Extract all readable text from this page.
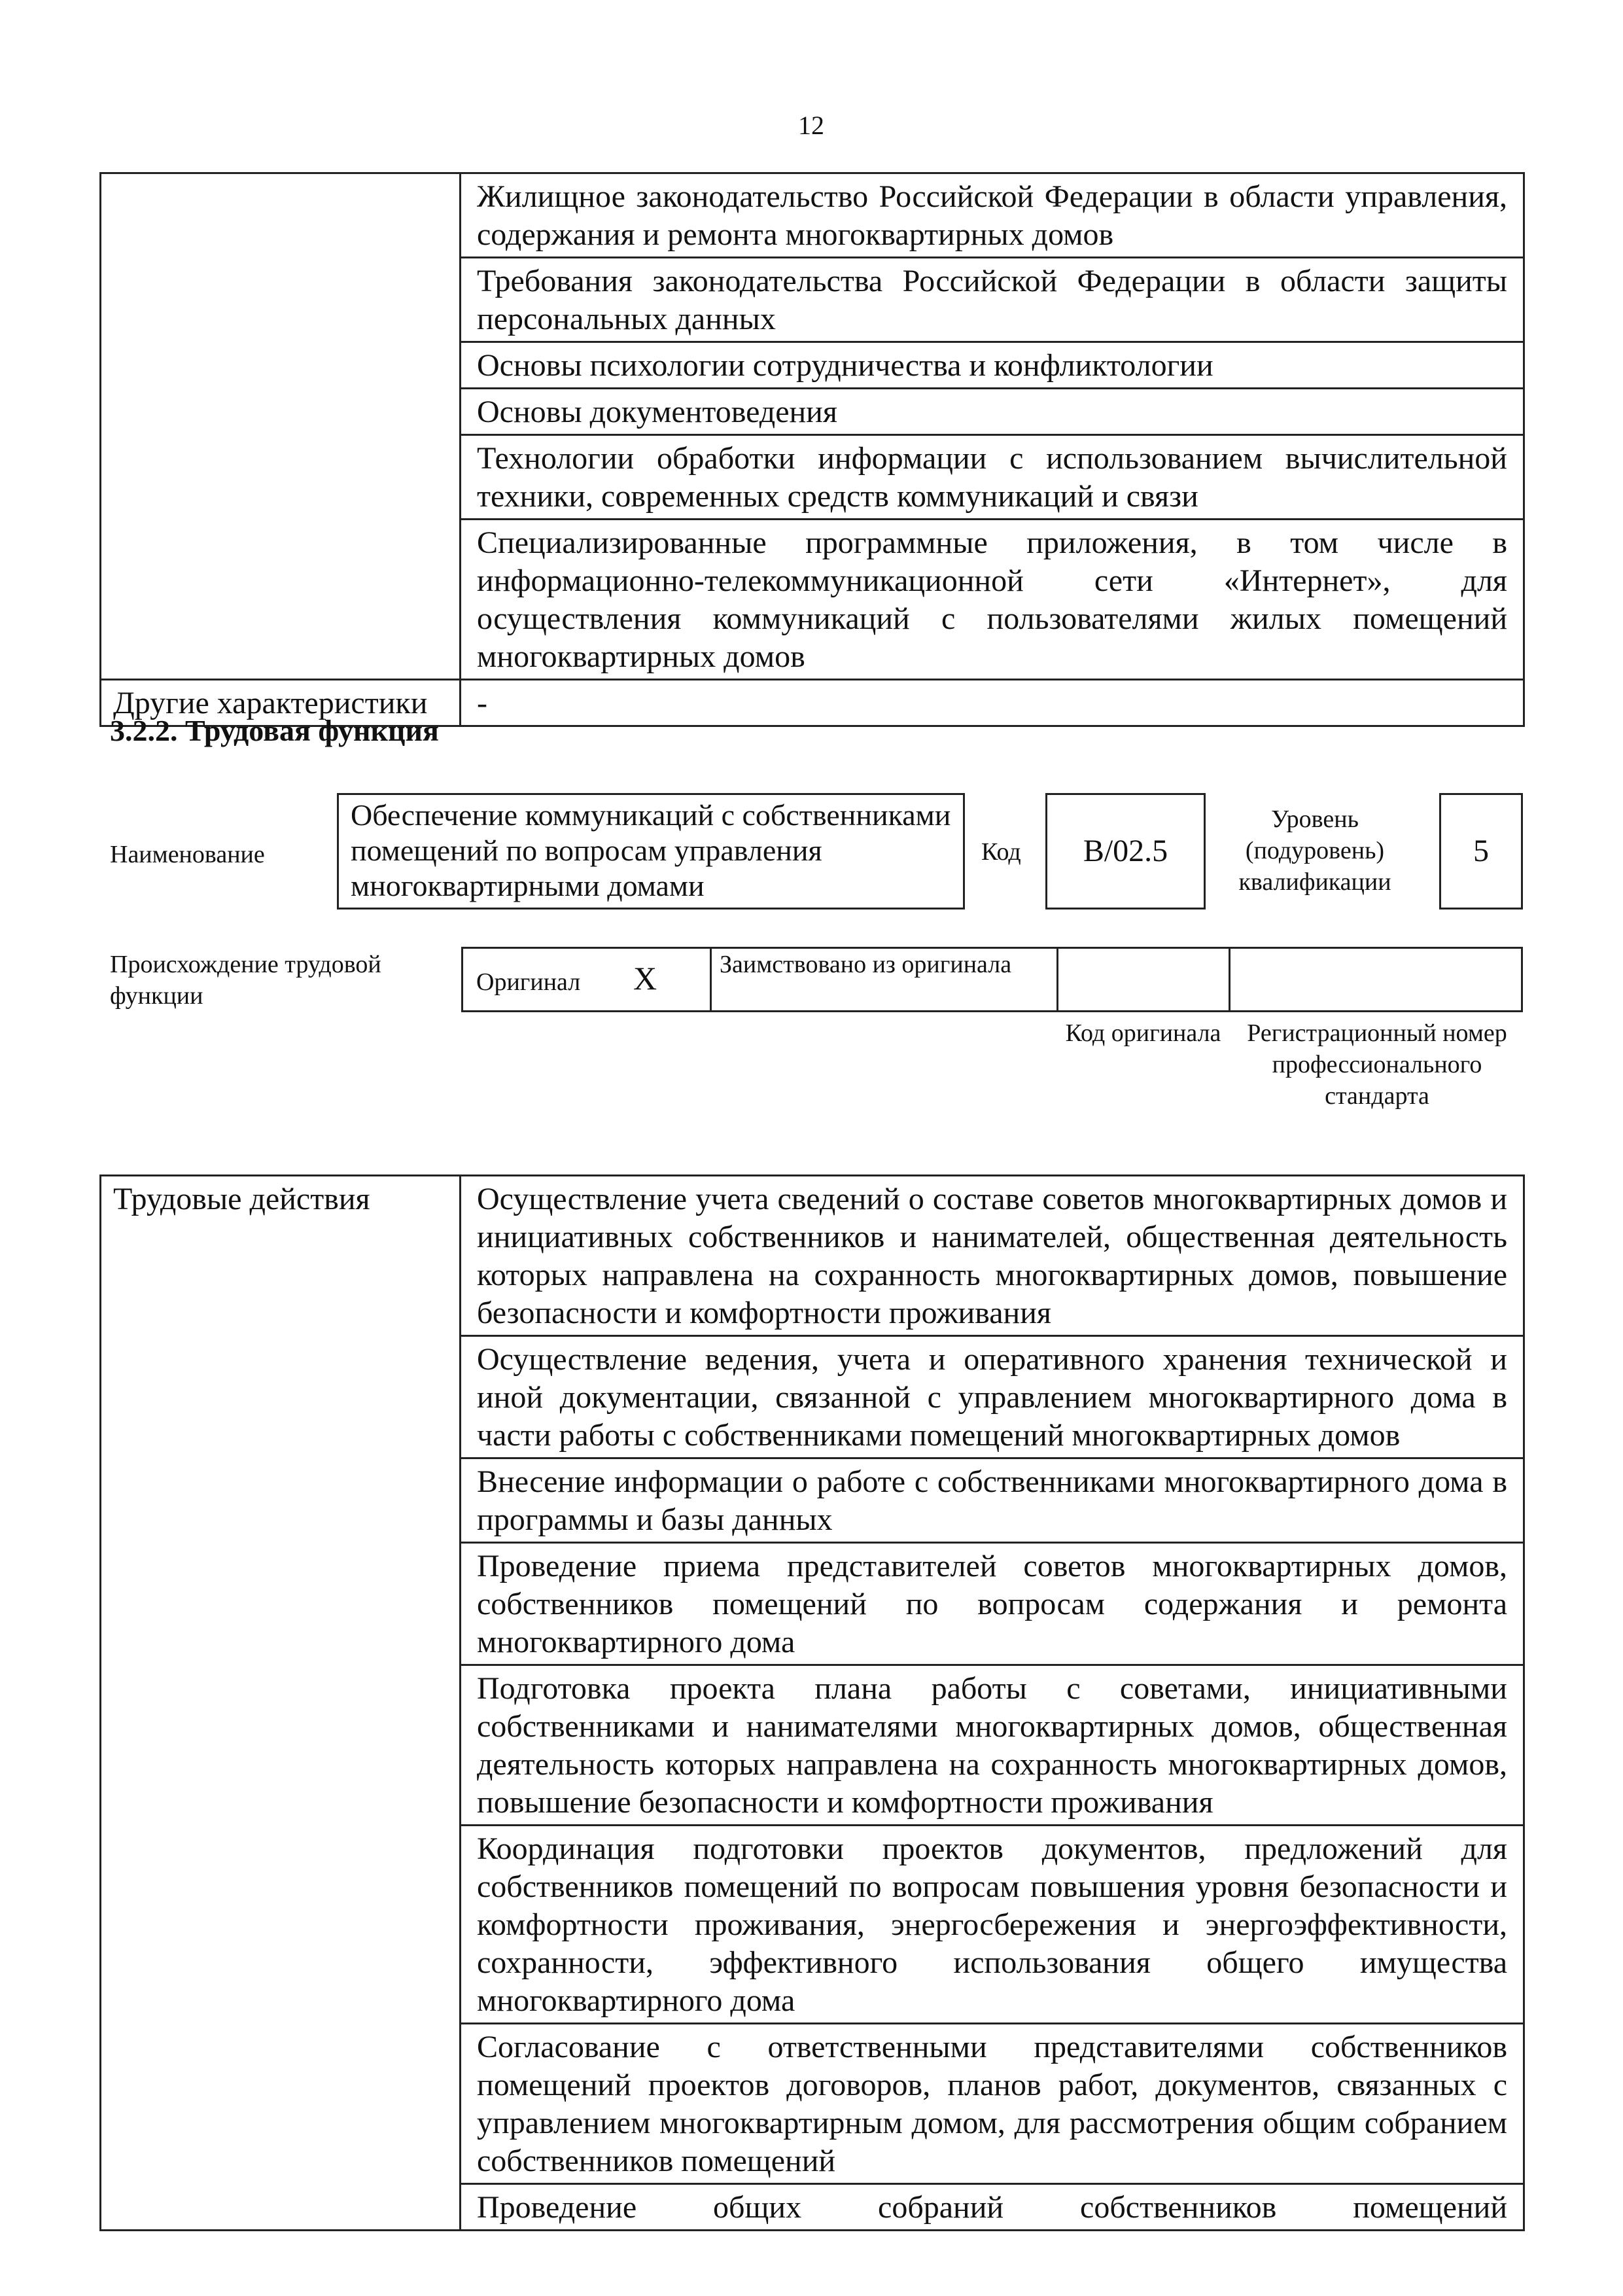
12

	Жилищное законодательство Российской Федерации в области управления, содержания и ремонта многоквартирных домов

	Требования законодательства Российской Федерации в области защиты персональных данных

	Основы психологии сотрудничества и конфликтологии

	Основы документоведения

	Технологии обработки информации с использованием вычислительной техники, современных средств коммуникаций и связи

	Специализированные программные приложения, в том числе в информационно-телекоммуникационной сети «Интернет», для осуществления коммуникаций с пользователями жилых помещений многоквартирных домов

Другие характеристики	-
3.2.2. Трудовая функция
Наименование
Обеспечение коммуникаций с собственниками помещений по вопросам управления многоквартирными домами
Код	B/02.5
Уровень (подуровень) квалификации
5
Происхождение трудовой функции	Оригинал X	Заимствовано из оригинала
Код оригинала	Регистрационный номер профессионального стандарта
Трудовые действия	Осуществление учета сведений о составе советов многоквартирных домов и инициативных собственников и нанимателей, общественная деятельность которых направлена на сохранность многоквартирных домов, повышение безопасности и комфортности проживания

Осуществление ведения, учета и оперативного хранения технической и иной документации, связанной с управлением многоквартирного дома в части работы с собственниками помещений многоквартирных домов

Внесение информации о работе с собственниками многоквартирного дома в программы и базы данных

Проведение приема представителей советов многоквартирных домов, собственников помещений по вопросам содержания и ремонта многоквартирного дома

Подготовка проекта плана работы с советами, инициативными собственниками и нанимателями многоквартирных домов, общественная деятельность которых направлена на сохранность многоквартирных домов, повышение безопасности и комфортности проживания

Координация подготовки проектов документов, предложений для собственников помещений по вопросам повышения уровня безопасности и комфортности проживания, энергосбережения и энергоэффективности, сохранности, эффективного использования общего имущества многоквартирного дома

Согласование с ответственными представителями собственников помещений проектов договоров, планов работ, документов, связанных с управлением многоквартирным домом, для рассмотрения общим собранием собственников помещений

Проведение общих собраний собственников помещений
